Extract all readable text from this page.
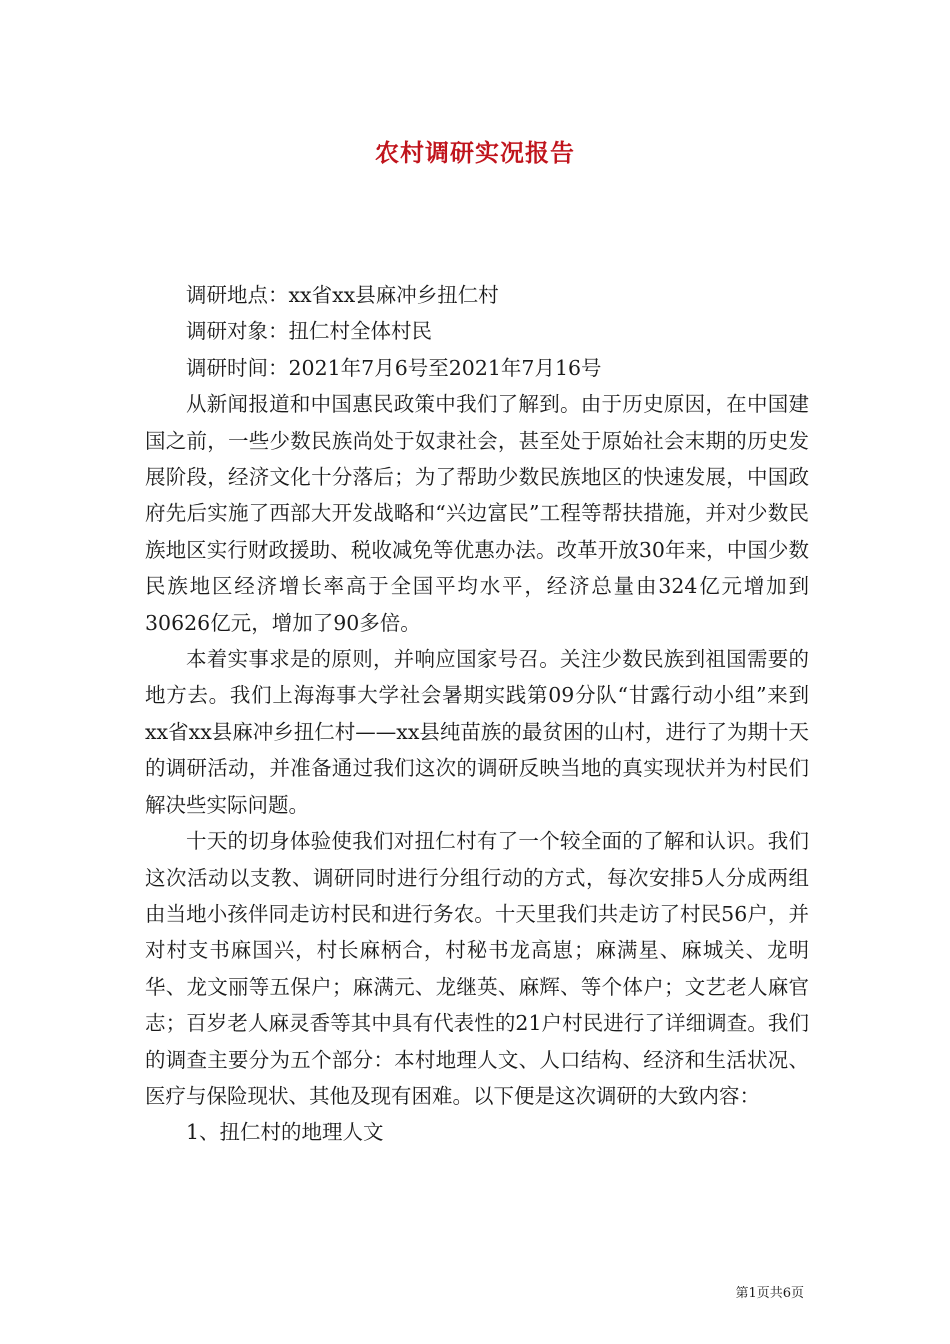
农村调研实况报告

调研地点：xx省xx县麻冲乡扭仁村

调研对象：扭仁村全体村民

调研时间：2021年7月6号至2021年7月16号

从新闻报道和中国惠民政策中我们了解到。由于历史原因，在中国建国之前，一些少数民族尚处于奴隶社会，甚至处于原始社会末期的历史发展阶段，经济文化十分落后；为了帮助少数民族地区的快速发展，中国政府先后实施了西部大开发战略和“兴边富民”工程等帮扶措施，并对少数民族地区实行财政援助、税收减免等优惠办法。改革开放30年来，中国少数民族地区经济增长率高于全国平均水平，经济总量由324亿元增加到30626亿元，增加了90多倍。

本着实事求是的原则，并响应国家号召。关注少数民族到祖国需要的地方去。我们上海海事大学社会暑期实践第09分队“甘露行动小组”来到xx省xx县麻冲乡扭仁村——xx县纯苗族的最贫困的山村，进行了为期十天的调研活动，并准备通过我们这次的调研反映当地的真实现状并为村民们解决些实际问题。

十天的切身体验使我们对扭仁村有了一个较全面的了解和认识。我们这次活动以支教、调研同时进行分组行动的方式，每次安排5人分成两组由当地小孩伴同走访村民和进行务农。十天里我们共走访了村民56户，并对村支书麻国兴，村长麻柄合，村秘书龙高崽；麻满星、麻城关、龙明华、龙文丽等五保户；麻满元、龙继英、麻辉、等个体户；文艺老人麻官志；百岁老人麻灵香等其中具有代表性的21户村民进行了详细调查。我们的调查主要分为五个部分：本村地理人文、人口结构、经济和生活状况、医疗与保险现状、其他及现有困难。以下便是这次调研的大致内容：

1、扭仁村的地理人文

第1页共6页
